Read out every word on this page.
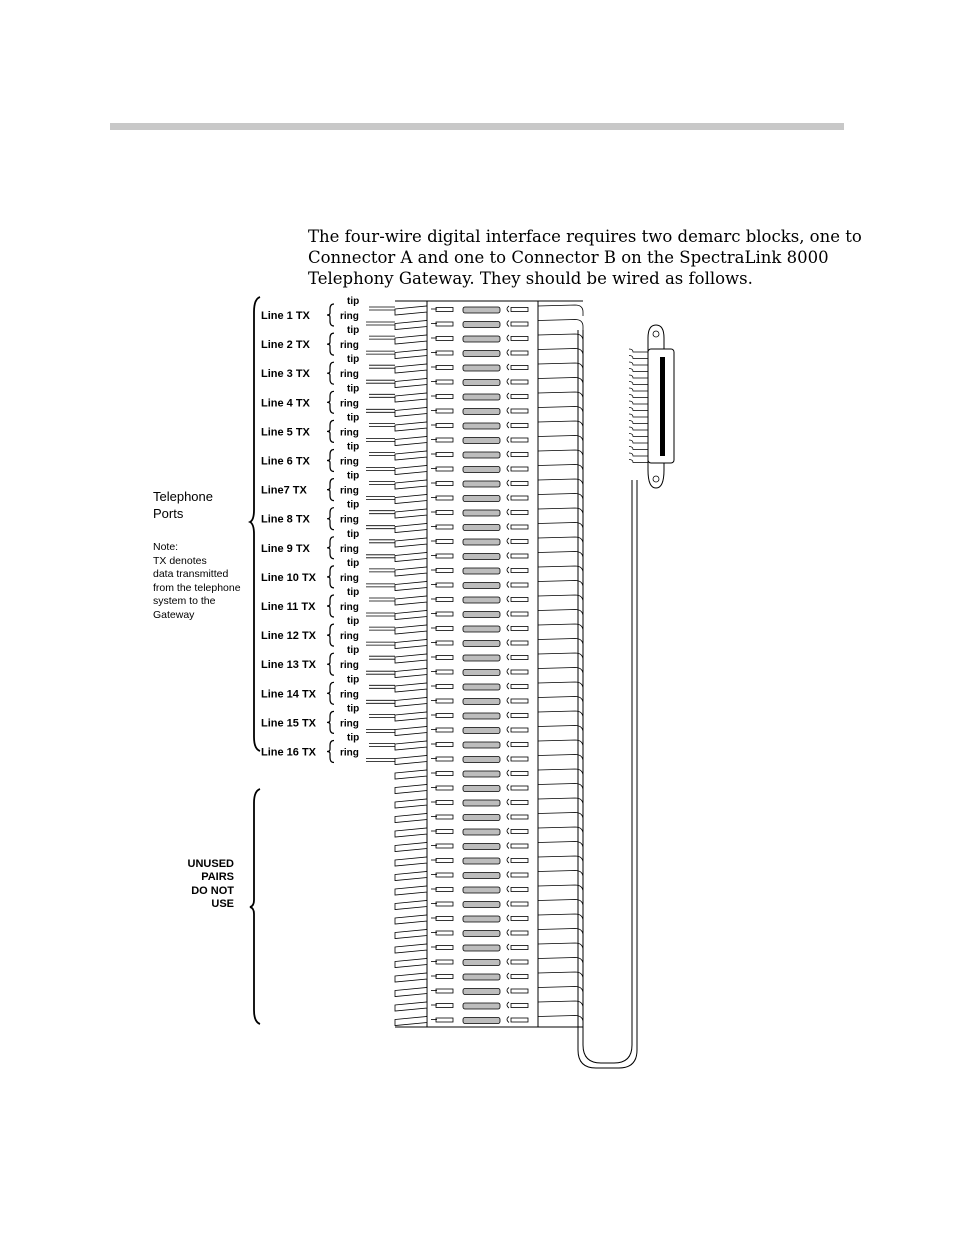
The four-wire digital interface requires two demarc blocks, one to
Connector A and one to Connector B on the SpectraLink 8000
Telephony Gateway. They should be wired as follows.

Telephone
Ports
Note:
TX denotes
data transmitted
from the telephone
system to the
Gateway
UNUSED
PAIRS
DO NOT
USE
Line 1 TX
tip
ring
Line 2 TX
tip
ring
Line 3 TX
tip
ring
Line 4 TX
tip
ring
Line 5 TX
tip
ring
Line 6 TX
tip
ring
Line7 TX
tip
ring
Line 8 TX
tip
ring
Line 9 TX
tip
ring
Line 10 TX
tip
ring
Line 11 TX
tip
ring
Line 12 TX
tip
ring
Line 13 TX
tip
ring
Line 14 TX
tip
ring
Line 15 TX
tip
ring
Line 16 TX
tip
ring
